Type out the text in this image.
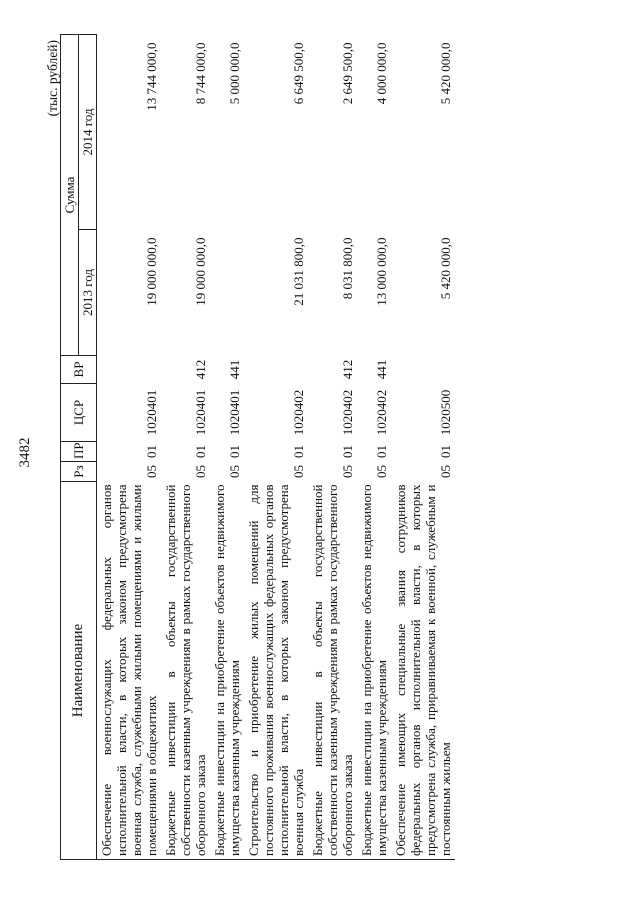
3482
(тыс. рублей)
Наименование	Рз	ПР	ЦСР	ВР	Сумма	
					2013 год	2014 год
Обеспечение военнослужащих федеральных органов исполнительной власти, в которых законом предусмотрена военная служба, служебными жилыми помещениями и жилыми помещениями в общежитиях	05	01	1020401		19 000 000,0	13 744 000,0
Бюджетные инвестиции в объекты государственной собственности казенным учреждениям в рамках государственного оборонного заказа	05	01	1020401	412	19 000 000,0	8 744 000,0
Бюджетные инвестиции на приобретение объектов недвижимого имущества казенным учреждениям	05	01	1020401	441		5 000 000,0
Строительство и приобретение жилых помещений для постоянного проживания военнослужащих федеральных органов исполнительной власти, в которых законом предусмотрена военная служба	05	01	1020402		21 031 800,0	6 649 500,0
Бюджетные инвестиции в объекты государственной собственности казенным учреждениям в рамках государственного оборонного заказа	05	01	1020402	412	8 031 800,0	2 649 500,0
Бюджетные инвестиции на приобретение объектов недвижимого имущества казенным учреждениям	05	01	1020402	441	13 000 000,0	4 000 000,0
Обеспечение имеющих специальные звания сотрудников федеральных органов исполнительной власти, в которых предусмотрена служба, приравниваемая к военной, служебным и постоянным жильем	05	01	1020500		5 420 000,0	5 420 000,0
